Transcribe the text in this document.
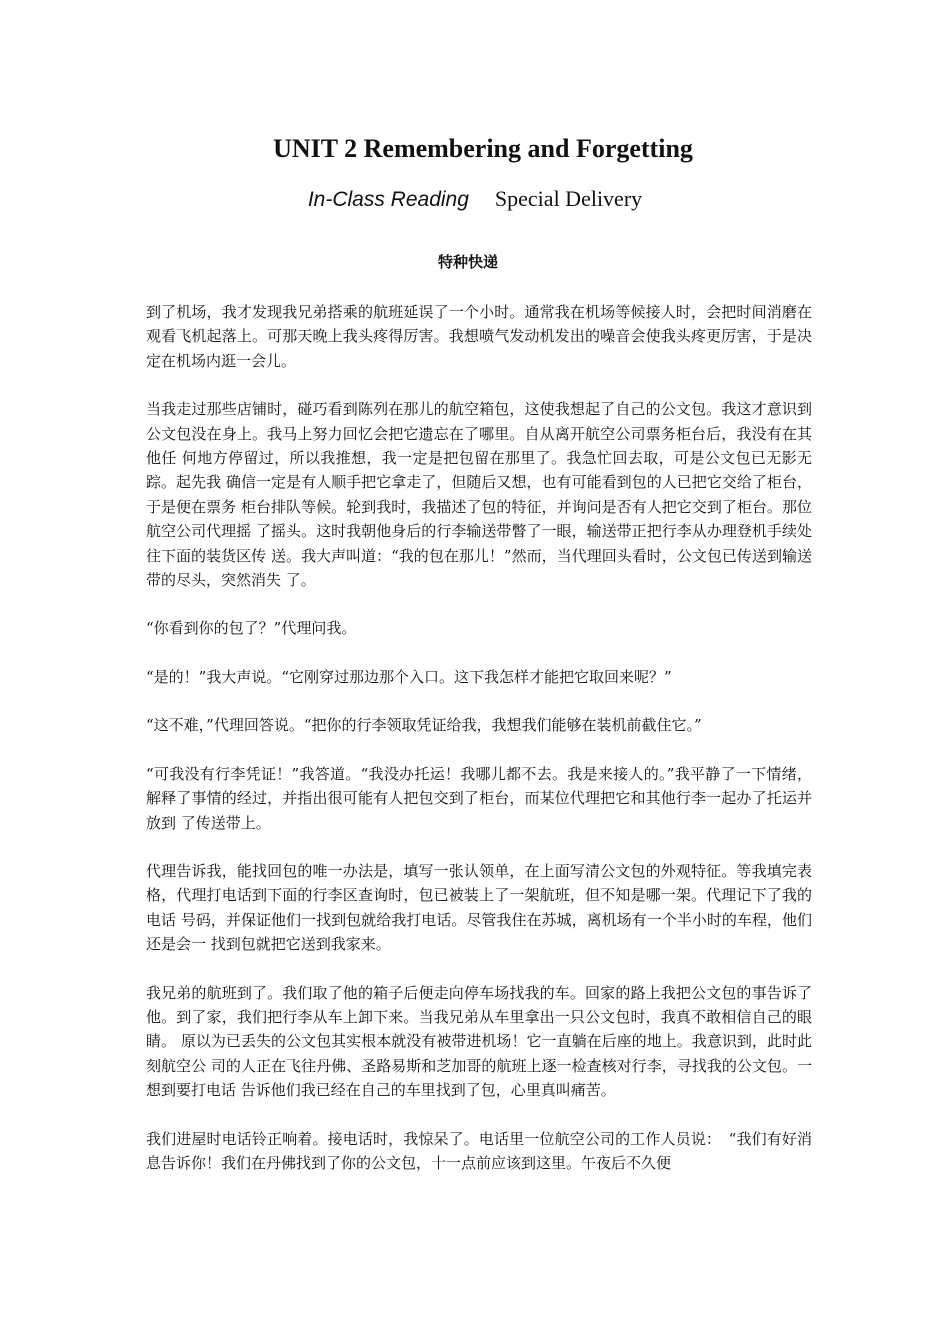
UNIT 2 Remembering and Forgetting
In-Class Reading Special Delivery
特种快递

到了机场，我才发现我兄弟搭乘的航班延误了一个小时。通常我在机场等候接人时，会把时间消磨在 观看飞机起落上。可那天晚上我头疼得厉害。我想喷气发动机发出的噪音会使我头疼更厉害，于是决定在机场内逛一会儿。

当我走过那些店铺时，碰巧看到陈列在那儿的航空箱包，这使我想起了自己的公文包。我这才意识到 公文包没在身上。我马上努力回忆会把它遗忘在了哪里。自从离开航空公司票务柜台后，我没有在其他任 何地方停留过，所以我推想，我一定是把包留在那里了。我急忙回去取，可是公文包已无影无踪。起先我 确信一定是有人顺手把它拿走了，但随后又想，也有可能看到包的人已把它交给了柜台，于是便在票务 柜台排队等候。轮到我时，我描述了包的特征，并询问是否有人把它交到了柜台。那位航空公司代理摇 了摇头。这时我朝他身后的行李输送带瞥了一眼，输送带正把行李从办理登机手续处往下面的装货区传 送。我大声叫道：“我的包在那儿！”然而，当代理回头看时，公文包已传送到输送带的尽头，突然消失 了。

“你看到你的包了？”代理问我。

“是的！”我大声说。“它刚穿过那边那个入口。这下我怎样才能把它取回来呢？”

“这不难，”代理回答说。“把你的行李领取凭证给我，我想我们能够在装机前截住它。”

“可我没有行李凭证！”我答道。“我没办托运！我哪儿都不去。我是来接人的。”我平静了一下情绪， 解释了事情的经过，并指出很可能有人把包交到了柜台，而某位代理把它和其他行李一起办了托运并放到 了传送带上。

代理告诉我，能找回包的唯一办法是，填写一张认领单，在上面写清公文包的外观特征。等我填完表 格，代理打电话到下面的行李区查询时，包已被装上了一架航班，但不知是哪一架。代理记下了我的电话 号码，并保证他们一找到包就给我打电话。尽管我住在苏城，离机场有一个半小时的车程，他们还是会一 找到包就把它送到我家来。

我兄弟的航班到了。我们取了他的箱子后便走向停车场找我的车。回家的路上我把公文包的事告诉了 他。到了家，我们把行李从车上卸下来。当我兄弟从车里拿出一只公文包时，我真不敢相信自己的眼睛。 原以为已丢失的公文包其实根本就没有被带进机场！它一直躺在后座的地上。我意识到，此时此刻航空公 司的人正在飞往丹佛、圣路易斯和芝加哥的航班上逐一检查核对行李，寻找我的公文包。一想到要打电话 告诉他们我已经在自己的车里找到了包，心里真叫痛苦。

我们进屋时电话铃正响着。接电话时，我惊呆了。电话里一位航空公司的工作人员说：　“我们有好消 息告诉你！我们在丹佛找到了你的公文包，十一点前应该到这里。午夜后不久便
